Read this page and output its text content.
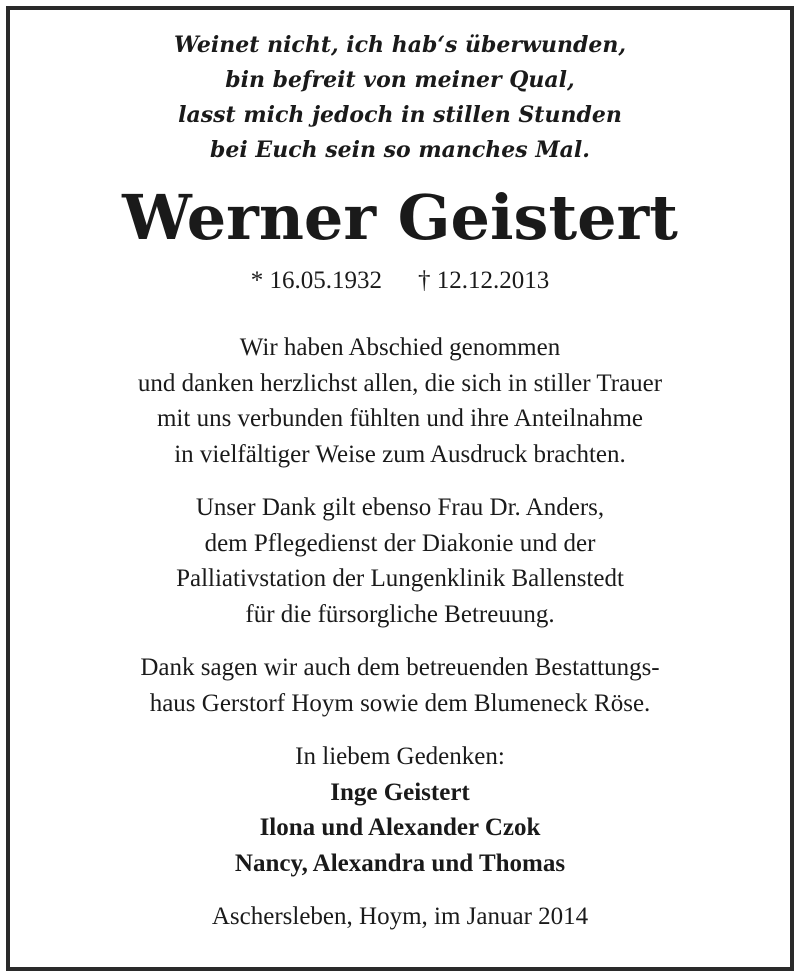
Weinet nicht, ich hab‘s überwunden,
bin befreit von meiner Qual,
lasst mich jedoch in stillen Stunden
bei Euch sein so manches Mal.
Werner Geistert
* 16.05.1932 † 12.12.2013
Wir haben Abschied genommen
und danken herzlichst allen, die sich in stiller Trauer
mit uns verbunden fühlten und ihre Anteilnahme
in vielfältiger Weise zum Ausdruck brachten.
Unser Dank gilt ebenso Frau Dr. Anders,
dem Pflegedienst der Diakonie und der
Palliativstation der Lungenklinik Ballenstedt
für die fürsorgliche Betreuung.
Dank sagen wir auch dem betreuenden Bestattungs-
haus Gerstorf Hoym sowie dem Blumeneck Röse.
In liebem Gedenken:
Inge Geistert
Ilona und Alexander Czok
Nancy, Alexandra und Thomas
Aschersleben, Hoym, im Januar 2014
